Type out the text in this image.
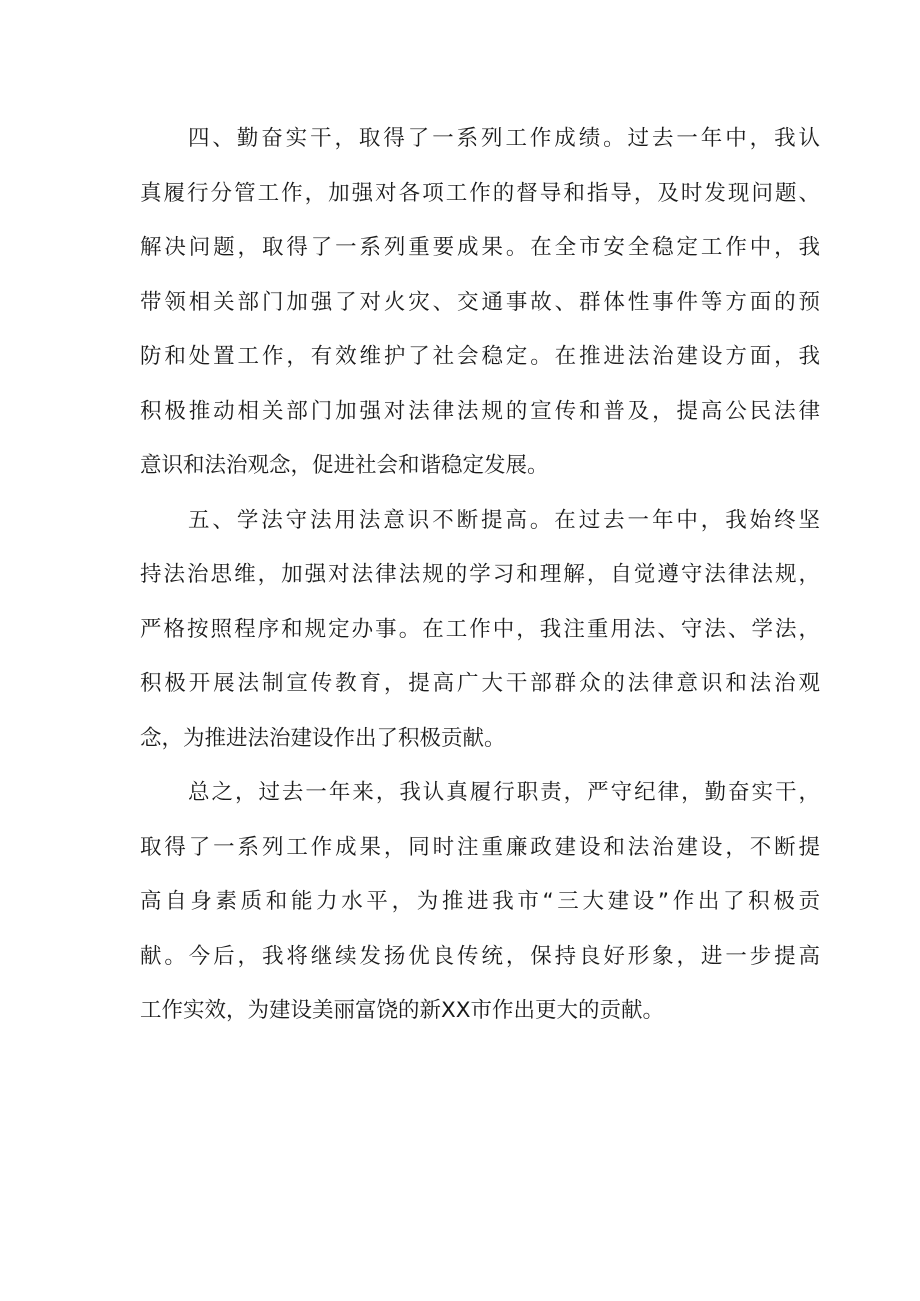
四、勤奋实干，取得了一系列工作成绩。过去一年中，我认
真履行分管工作，加强对各项工作的督导和指导，及时发现问题、
解决问题，取得了一系列重要成果。在全市安全稳定工作中，我
带领相关部门加强了对火灾、交通事故、群体性事件等方面的预
防和处置工作，有效维护了社会稳定。在推进法治建设方面，我
积极推动相关部门加强对法律法规的宣传和普及，提高公民法律
意识和法治观念，促进社会和谐稳定发展。
五、学法守法用法意识不断提高。在过去一年中，我始终坚
持法治思维，加强对法律法规的学习和理解，自觉遵守法律法规，
严格按照程序和规定办事。在工作中，我注重用法、守法、学法，
积极开展法制宣传教育，提高广大干部群众的法律意识和法治观
念，为推进法治建设作出了积极贡献。
总之，过去一年来，我认真履行职责，严守纪律，勤奋实干，
取得了一系列工作成果，同时注重廉政建设和法治建设，不断提
高自身素质和能力水平，为推进我市“三大建设”作出了积极贡
献。今后，我将继续发扬优良传统，保持良好形象，进一步提高
工作实效，为建设美丽富饶的新XX市作出更大的贡献。
